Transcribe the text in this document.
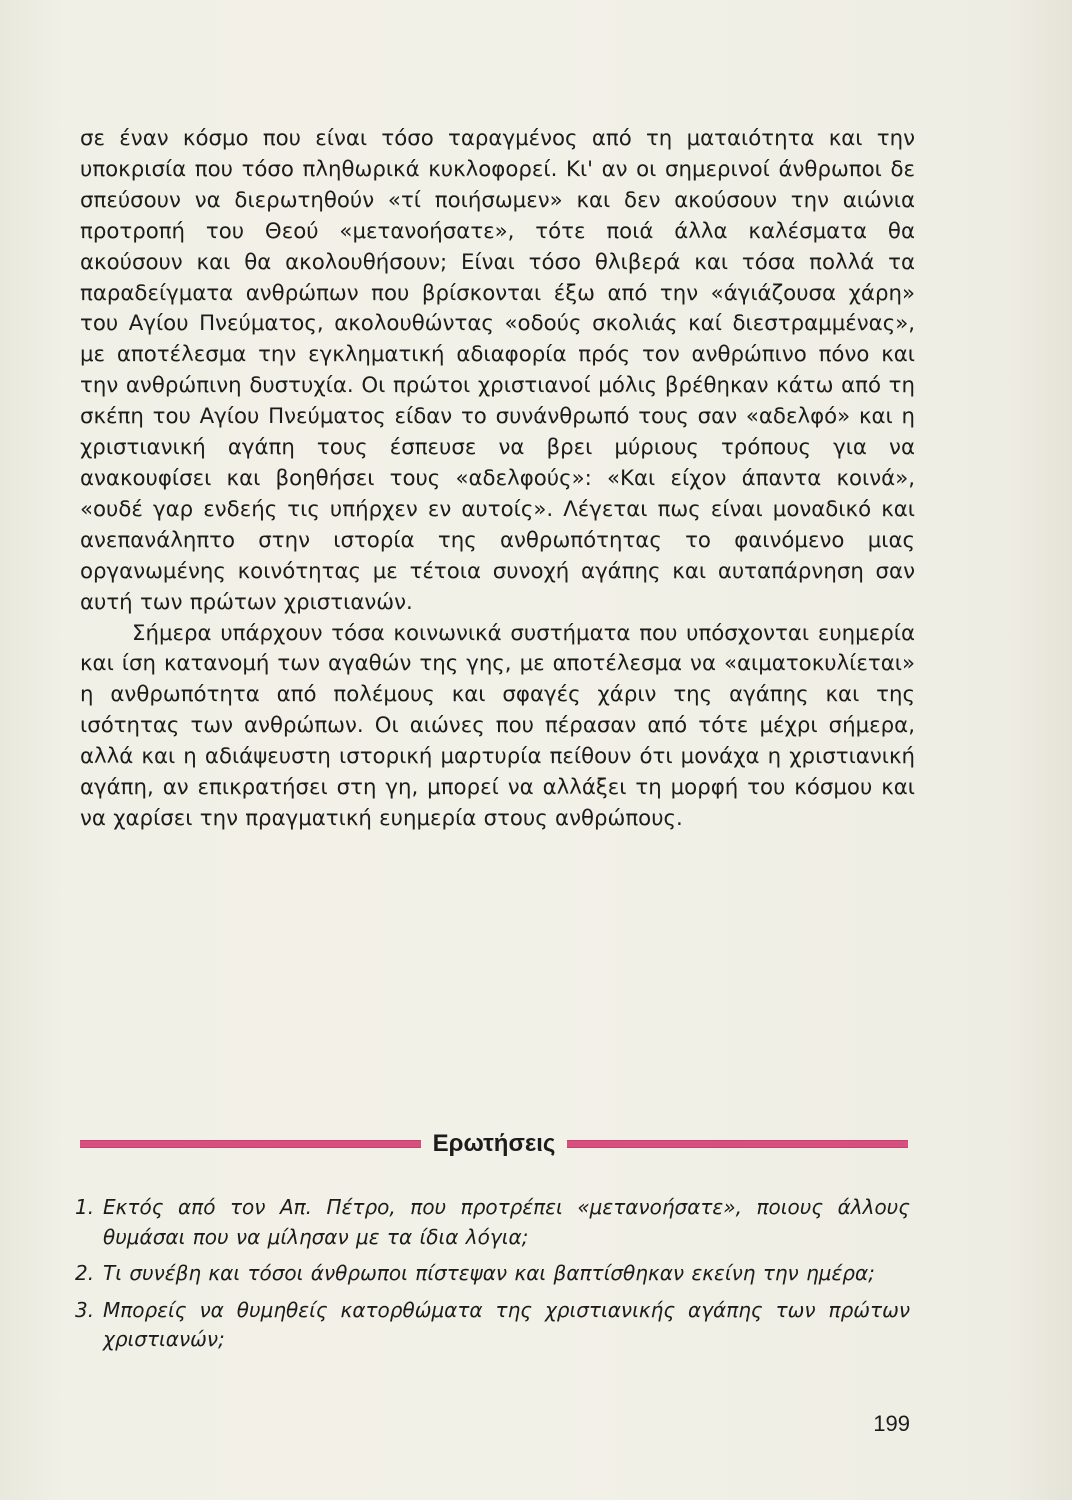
σε έναν κόσμο που είναι τόσο ταραγμένος από τη ματαιότητα και την υποκρισία που τόσο πληθωρικά κυκλοφορεί. Κι' αν οι σημερινοί άνθρωποι δε σπεύσουν να διερωτηθούν «τί ποιήσωμεν» και δεν ακούσουν την αιώνια προτροπή του Θεού «μετανοήσατε», τότε ποιά άλλα καλέσματα θα ακούσουν και θα ακολουθήσουν; Είναι τόσο θλιβερά και τόσα πολλά τα παραδείγματα ανθρώπων που βρίσκονται έξω από την «άγιάζουσα χάρη» του Αγίου Πνεύματος, ακολουθώντας «οδούς σκολιάς καί διεστραμμένας», με αποτέλεσμα την εγκληματική αδιαφορία πρός τον ανθρώπινο πόνο και την ανθρώπινη δυστυχία. Οι πρώτοι χριστιανοί μόλις βρέθηκαν κάτω από τη σκέπη του Αγίου Πνεύματος είδαν το συνάνθρωπό τους σαν «αδελφό» και η χριστιανική αγάπη τους έσπευσε να βρει μύριους τρόπους για να ανακουφίσει και βοηθήσει τους «αδελφούς»: «Και είχον άπαντα κοινά», «ουδέ γαρ ενδεής τις υπήρχεν εν αυτοίς». Λέγεται πως είναι μοναδικό και ανεπανάληπτο στην ιστορία της ανθρωπότητας το φαινόμενο μιας οργανωμένης κοινότητας με τέτοια συνοχή αγάπης και αυταπάρνηση σαν αυτή των πρώτων χριστιανών.

Σήμερα υπάρχουν τόσα κοινωνικά συστήματα που υπόσχονται ευημερία και ίση κατανομή των αγαθών της γης, με αποτέλεσμα να «αιματοκυλίεται» η ανθρωπότητα από πολέμους και σφαγές χάριν της αγάπης και της ισότητας των ανθρώπων. Οι αιώνες που πέρασαν από τότε μέχρι σήμερα, αλλά και η αδιάψευστη ιστορική μαρτυρία πείθουν ότι μονάχα η χριστιανική αγάπη, αν επικρατήσει στη γη, μπορεί να αλλάξει τη μορφή του κόσμου και να χαρίσει την πραγματική ευημερία στους ανθρώπους.

Ερωτήσεις
1. Εκτός από τον Απ. Πέτρο, που προτρέπει «μετανοήσατε», ποιους άλλους θυμάσαι που να μίλησαν με τα ίδια λόγια;
2. Τι συνέβη και τόσοι άνθρωποι πίστεψαν και βαπτίσθηκαν εκείνη την ημέρα;
3. Μπορείς να θυμηθείς κατορθώματα της χριστιανικής αγάπης των πρώτων χριστιανών;
199
